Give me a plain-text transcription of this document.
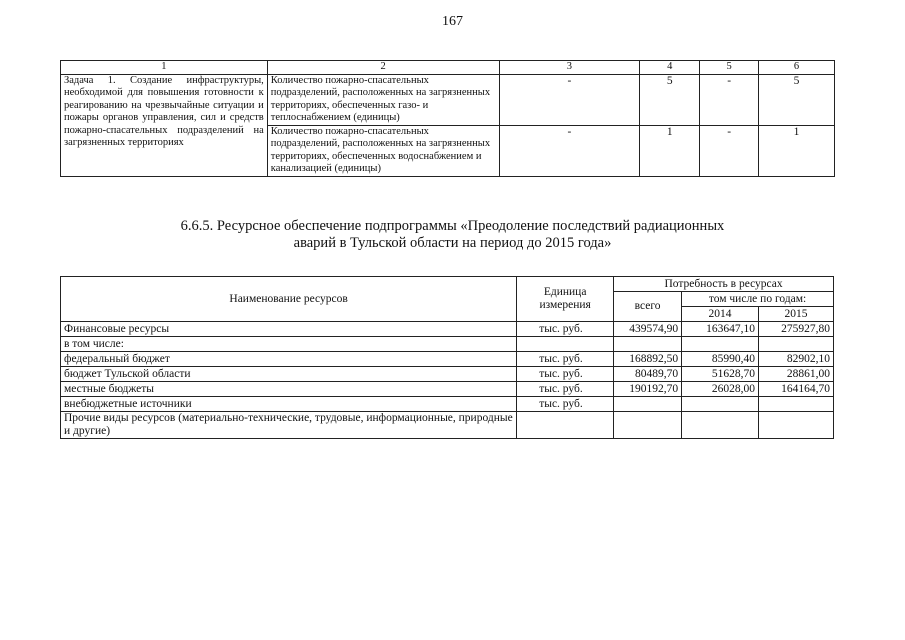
167
1	2	3	4	5	6
Задача 1. Создание инфраструктуры, необходимой для повышения готовности к реагированию на чрезвычайные ситуации и пожары органов управления, сил и средств пожарно-спасательных подразделений на загрязненных территориях	Количество пожарно-спасательных подразделений, расположенных на загрязненных территориях, обеспеченных газо- и теплоснабжением (единицы)	-	5	-	5
	Количество пожарно-спасательных подразделений, расположенных на загрязненных территориях, обеспеченных водоснабжением и канализацией (единицы)	-	1	-	1
6.6.5. Ресурсное обеспечение подпрограммы «Преодоление последствий радиационных
аварий в Тульской области на период до 2015 года»
Наименование ресурсов	Единица измерения	Потребность в ресурсах		
		всего	том числе по годам:	
			2014	2015
Финансовые ресурсы	тыс. руб.	439574,90	163647,10	275927,80
в том числе:				
федеральный бюджет	тыс. руб.	168892,50	85990,40	82902,10
бюджет Тульской области	тыс. руб.	80489,70	51628,70	28861,00
местные бюджеты	тыс. руб.	190192,70	26028,00	164164,70
внебюджетные источники	тыс. руб.			
Прочие виды ресурсов (материально-технические, трудовые, информационные, природные и другие)				
